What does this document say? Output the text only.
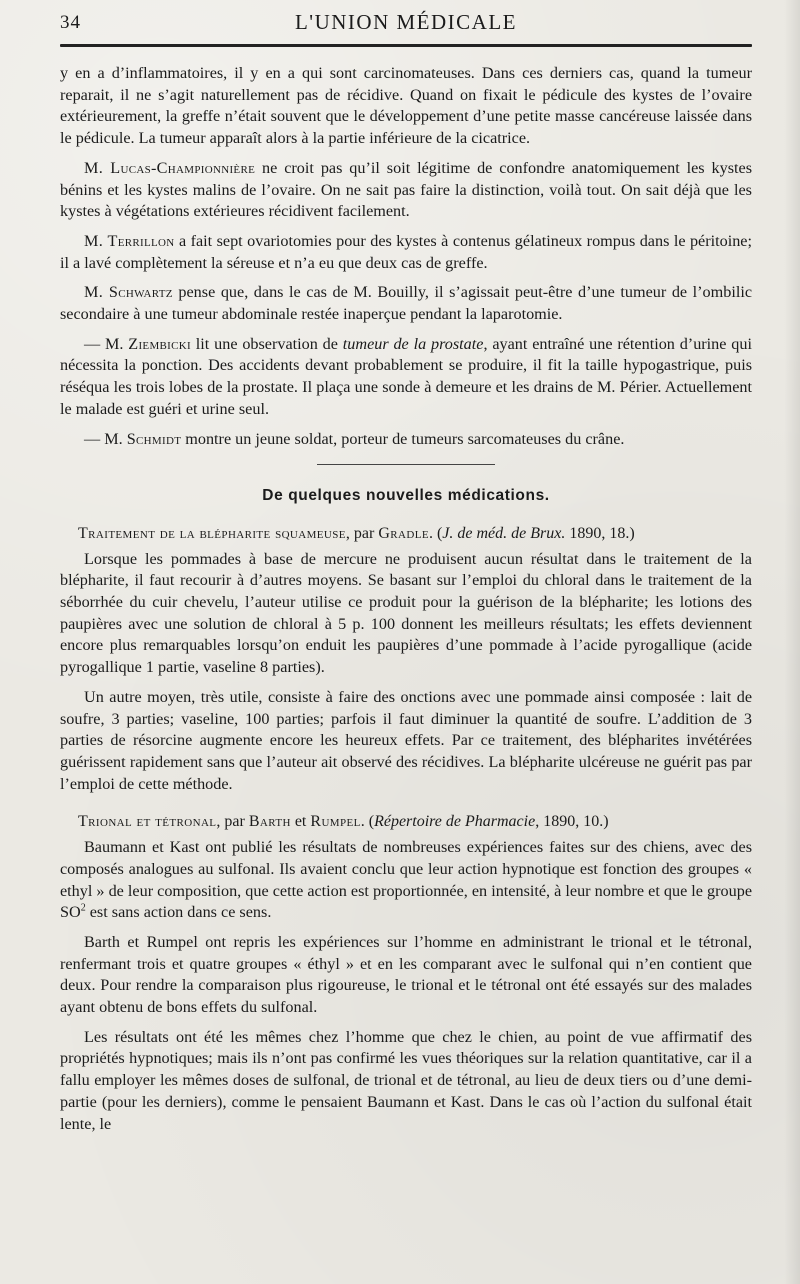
34	L'UNION MÉDICALE

y en a d’inflammatoires, il y en a qui sont carcinomateuses. Dans ces derniers cas, quand la tumeur reparait, il ne s’agit naturellement pas de récidive. Quand on fixait le pédicule des kystes de l’ovaire extérieurement, la greffe n’était souvent que le développement d’une petite masse cancéreuse laissée dans le pédicule. La tumeur apparaît alors à la partie inférieure de la cicatrice.

M. Lucas-Championnière ne croit pas qu’il soit légitime de confondre anatomiquement les kystes bénins et les kystes malins de l’ovaire. On ne sait pas faire la distinction, voilà tout. On sait déjà que les kystes à végétations extérieures récidivent facilement.

M. Terrillon a fait sept ovariotomies pour des kystes à contenus gélatineux rompus dans le péritoine; il a lavé complètement la séreuse et n’a eu que deux cas de greffe.

M. Schwartz pense que, dans le cas de M. Bouilly, il s’agissait peut-être d’une tumeur de l’ombilic secondaire à une tumeur abdominale restée inaperçue pendant la laparotomie.

— M. Ziembicki lit une observation de tumeur de la prostate, ayant entraîné une rétention d’urine qui nécessita la ponction. Des accidents devant probablement se produire, il fit la taille hypogastrique, puis réséqua les trois lobes de la prostate. Il plaça une sonde à demeure et les drains de M. Périer. Actuellement le malade est guéri et urine seul.

— M. Schmidt montre un jeune soldat, porteur de tumeurs sarcomateuses du crâne.

De quelques nouvelles médications.
Traitement de la blépharite squameuse, par Gradle. (J. de méd. de Brux. 1890, 18.)

Lorsque les pommades à base de mercure ne produisent aucun résultat dans le traitement de la blépharite, il faut recourir à d’autres moyens. Se basant sur l’emploi du chloral dans le traitement de la séborrhée du cuir chevelu, l’auteur utilise ce produit pour la guérison de la blépharite; les lotions des paupières avec une solution de chloral à 5 p. 100 donnent les meilleurs résultats; les effets deviennent encore plus remarquables lorsqu’on enduit les paupières d’une pommade à l’acide pyrogallique (acide pyrogallique 1 partie, vaseline 8 parties).

Un autre moyen, très utile, consiste à faire des onctions avec une pommade ainsi composée : lait de soufre, 3 parties; vaseline, 100 parties; parfois il faut diminuer la quantité de soufre. L’addition de 3 parties de résorcine augmente encore les heureux effets. Par ce traitement, des blépharites invétérées guérissent rapidement sans que l’auteur ait observé des récidives. La blépharite ulcéreuse ne guérit pas par l’emploi de cette méthode.

Trional et tétronal, par Barth et Rumpel. (Répertoire de Pharmacie, 1890, 10.)

Baumann et Kast ont publié les résultats de nombreuses expériences faites sur des chiens, avec des composés analogues au sulfonal. Ils avaient conclu que leur action hypnotique est fonction des groupes « ethyl » de leur composition, que cette action est proportionnée, en intensité, à leur nombre et que le groupe $SO^2$ est sans action dans ce sens.

Barth et Rumpel ont repris les expériences sur l’homme en administrant le trional et le tétronal, renfermant trois et quatre groupes « éthyl » et en les comparant avec le sulfonal qui n’en contient que deux. Pour rendre la comparaison plus rigoureuse, le trional et le tétronal ont été essayés sur des malades ayant obtenu de bons effets du sulfonal.

Les résultats ont été les mêmes chez l’homme que chez le chien, au point de vue affirmatif des propriétés hypnotiques; mais ils n’ont pas confirmé les vues théoriques sur la relation quantitative, car il a fallu employer les mêmes doses de sulfonal, de trional et de tétronal, au lieu de deux tiers ou d’une demi-partie (pour les derniers), comme le pensaient Baumann et Kast. Dans le cas où l’action du sulfonal était lente, le
